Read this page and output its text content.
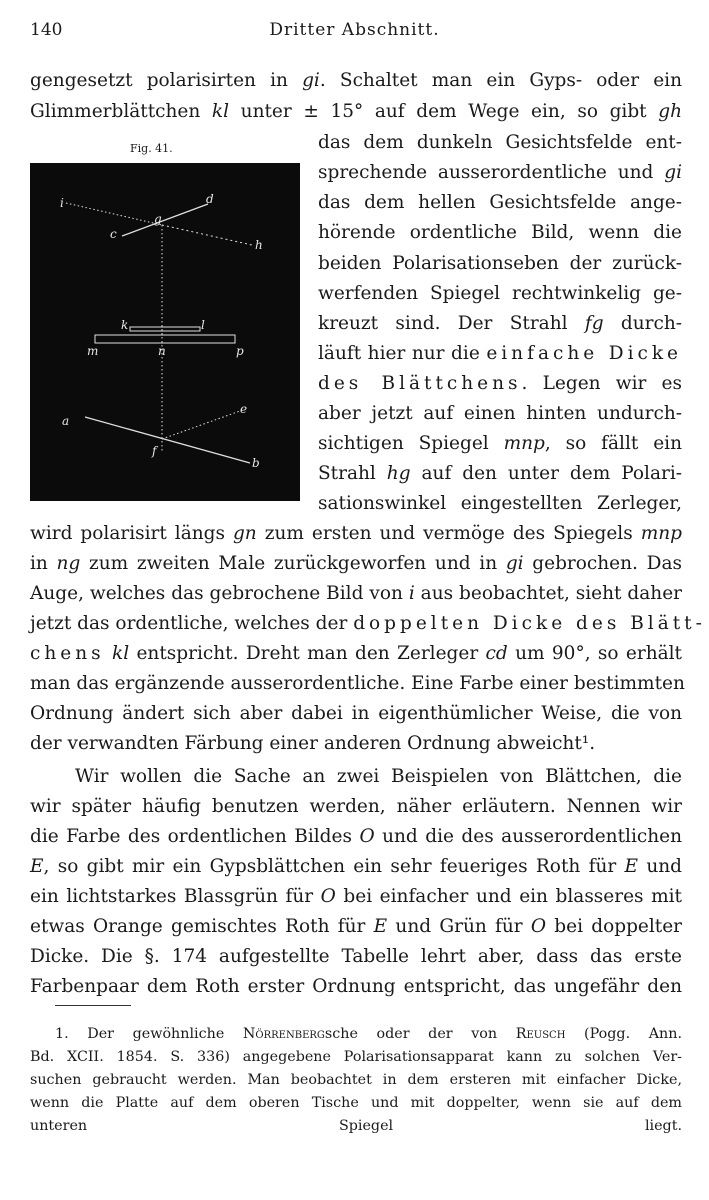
140	Dritter Abschnitt.
gengesetzt polarisirten in gi. Schaltet man ein Gyps- oder ein
Glimmerblättchen kl unter ± 15° auf dem Wege ein, so gibt gh
Fig. 41.
i	d
c
g
h
k	l
m	n	p
a
e
f
b
das dem dunkeln Gesichtsfelde ent-
sprechende ausserordentliche und gi
das dem hellen Gesichtsfelde ange-
hörende ordentliche Bild, wenn die
beiden Polarisationseben der zurück-
werfenden Spiegel rechtwinkelig ge-
kreuzt sind. Der Strahl fg durch-
läuft hier nur die einfache Dicke
des Blättchens. Legen wir es
aber jetzt auf einen hinten undurch-
sichtigen Spiegel mnp, so fällt ein
Strahl hg auf den unter dem Polari-
sationswinkel eingestellten Zerleger,
wird polarisirt längs gn zum ersten und vermöge des Spiegels mnp
in ng zum zweiten Male zurückgeworfen und in gi gebrochen. Das
Auge, welches das gebrochene Bild von i aus beobachtet, sieht daher
jetzt das ordentliche, welches der doppelten Dicke des Blätt-
chens kl entspricht. Dreht man den Zerleger cd um 90°, so erhält
man das ergänzende ausserordentliche. Eine Farbe einer bestimmten
Ordnung ändert sich aber dabei in eigenthümlicher Weise, die von
der verwandten Färbung einer anderen Ordnung abweicht¹.
Wir wollen die Sache an zwei Beispielen von Blättchen, die
wir später häufig benutzen werden, näher erläutern. Nennen wir
die Farbe des ordentlichen Bildes O und die des ausserordentlichen
E, so gibt mir ein Gypsblättchen ein sehr feueriges Roth für E und
ein lichtstarkes Blassgrün für O bei einfacher und ein blasseres mit
etwas Orange gemischtes Roth für E und Grün für O bei doppelter
Dicke. Die §. 174 aufgestellte Tabelle lehrt aber, dass das erste
Farbenpaar dem Roth erster Ordnung entspricht, das ungefähr den
1. Der gewöhnliche Nörrenbergsche oder der von Reusch (Pogg. Ann.
Bd. XCII. 1854. S. 336) angegebene Polarisationsapparat kann zu solchen Ver-
suchen gebraucht werden. Man beobachtet in dem ersteren mit einfacher Dicke,
wenn die Platte auf dem oberen Tische und mit doppelter, wenn sie auf dem
unteren Spiegel liegt.
